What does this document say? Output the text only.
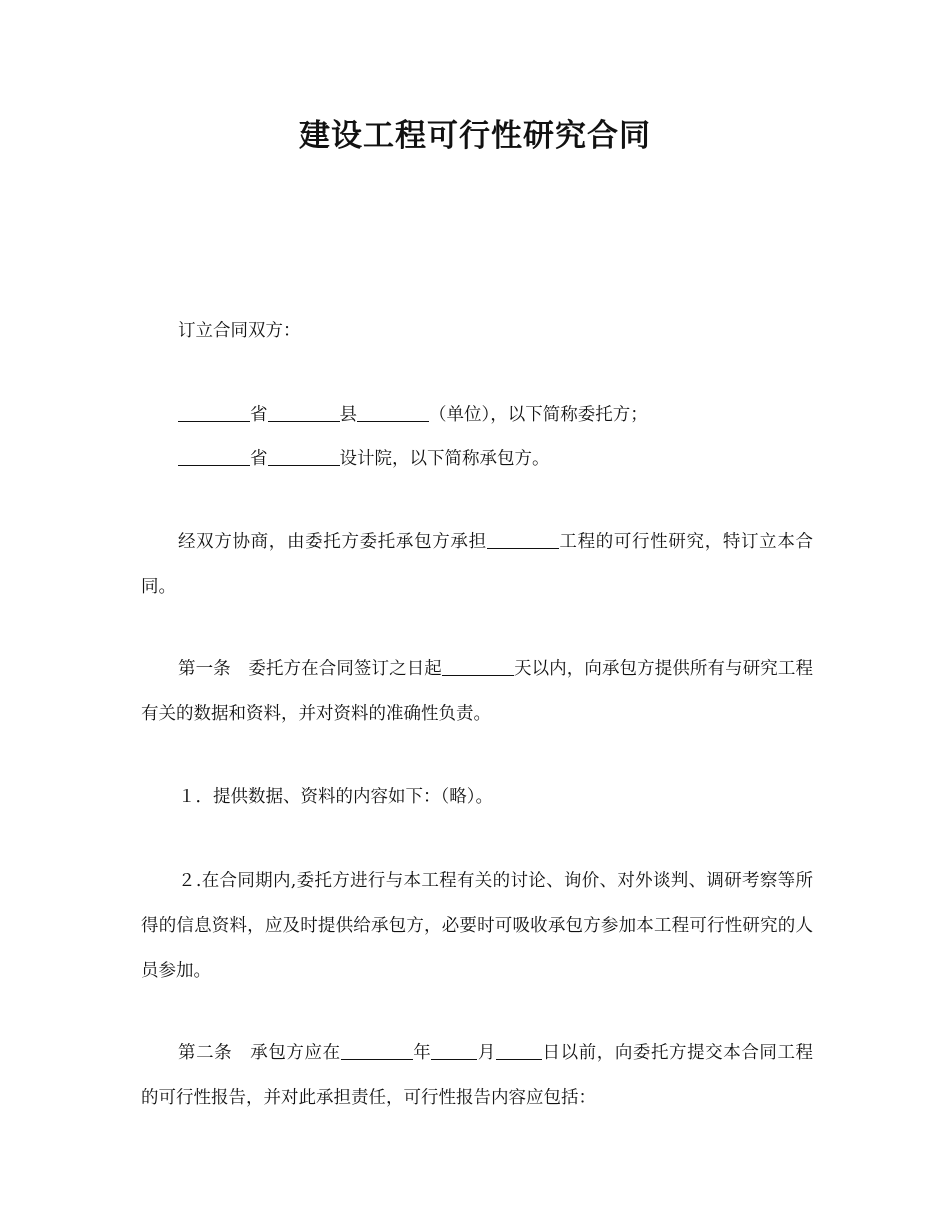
建设工程可行性研究合同

订立合同双方：

省	县	（单位），以下简称委托方；

省	设计院，以下简称承包方。

经双方协商，由委托方委托承包方承担	工程的可行性研究，特订立本合同。

第一条　委托方在合同签订之日起	天以内，向承包方提供所有与研究工程有关的数据和资料，并对资料的准确性负责。

１．提供数据、资料的内容如下：（略）。

２.在合同期内,委托方进行与本工程有关的讨论、询价、对外谈判、调研考察等所得的信息资料，应及时提供给承包方，必要时可吸收承包方参加本工程可行性研究的人员参加。

第二条　承包方应在	年	月	日以前，向委托方提交本合同工程的可行性报告，并对此承担责任，可行性报告内容应包括：
